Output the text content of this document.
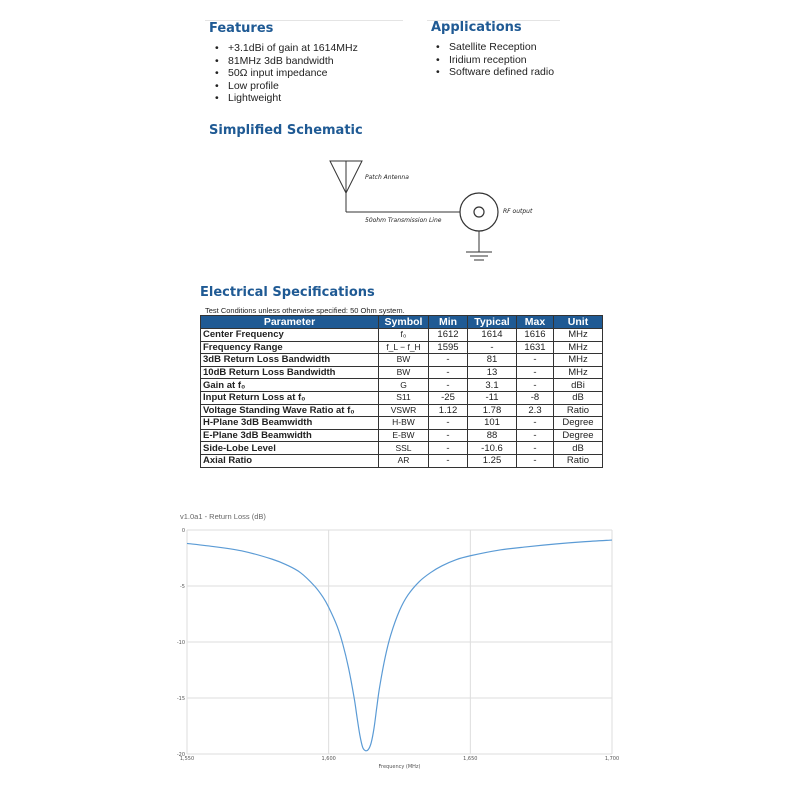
Features
• +3.1dBi of gain at 1614MHz
• 81MHz 3dB bandwidth
• 50Ω input impedance
• Low profile
• Lightweight
Applications
• Satellite Reception
• Iridium reception
• Software defined radio
Simplified Schematic
Patch Antenna
50ohm Transmission Line
RF output
Electrical Specifications
Test Conditions unless otherwise specified: 50 Ohm system.
Parameter	Symbol	Min	Typical	Max	Unit
Center Frequency	f₀	1612	1614	1616	MHz
Frequency Range	f_L − f_H	1595	-	1631	MHz
3dB Return Loss Bandwidth	BW	-	81	-	MHz
10dB Return Loss Bandwidth	BW	-	13	-	MHz
Gain at f₀	G	-	3.1	-	dBi
Input Return Loss at f₀	S11	-25	-11	-8	dB
Voltage Standing Wave Ratio at f₀	VSWR	1.12	1.78	2.3	Ratio
H-Plane 3dB Beamwidth	H-BW	-	101	-	Degree
E-Plane 3dB Beamwidth	E-BW	-	88	-	Degree
Side-Lobe Level	SSL	-	-10.6	-	dB
Axial Ratio	AR	-	1.25	-	Ratio
v1.0a1 - Return Loss (dB)
0
-5
-10
-15
-20
1,550	1,600	1,650	1,700
Frequency (MHz)
